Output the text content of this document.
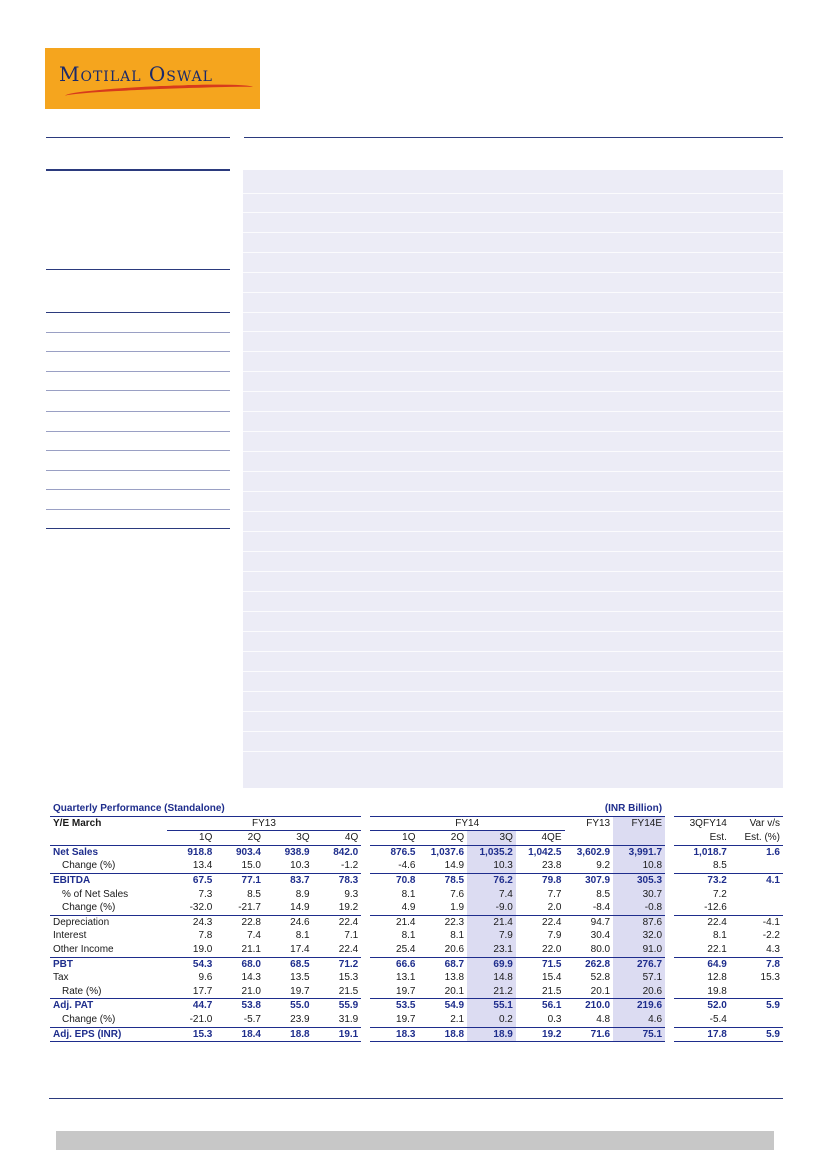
Motilal Oswal
Quarterly Performance (Standalone)									(INR Billion)					
Y/E March	FY13					FY14				FY13	FY14E		3QFY14	Var v/s
	1Q	2Q	3Q	4Q		1Q	2Q	3Q	4QE				Est.	Est. (%)
Net Sales	918.8	903.4	938.9	842.0		876.5	1,037.6	1,035.2	1,042.5	3,602.9	3,991.7		1,018.7	1.6
Change (%)	13.4	15.0	10.3	-1.2		-4.6	14.9	10.3	23.8	9.2	10.8		8.5	
EBITDA	67.5	77.1	83.7	78.3		70.8	78.5	76.2	79.8	307.9	305.3		73.2	4.1
% of Net Sales	7.3	8.5	8.9	9.3		8.1	7.6	7.4	7.7	8.5	30.7		7.2	
Change (%)	-32.0	-21.7	14.9	19.2		4.9	1.9	-9.0	2.0	-8.4	-0.8		-12.6	
Depreciation	24.3	22.8	24.6	22.4		21.4	22.3	21.4	22.4	94.7	87.6		22.4	-4.1
Interest	7.8	7.4	8.1	7.1		8.1	8.1	7.9	7.9	30.4	32.0		8.1	-2.2
Other Income	19.0	21.1	17.4	22.4		25.4	20.6	23.1	22.0	80.0	91.0		22.1	4.3
PBT	54.3	68.0	68.5	71.2		66.6	68.7	69.9	71.5	262.8	276.7		64.9	7.8
Tax	9.6	14.3	13.5	15.3		13.1	13.8	14.8	15.4	52.8	57.1		12.8	15.3
Rate (%)	17.7	21.0	19.7	21.5		19.7	20.1	21.2	21.5	20.1	20.6		19.8	
Adj. PAT	44.7	53.8	55.0	55.9		53.5	54.9	55.1	56.1	210.0	219.6		52.0	5.9
Change (%)	-21.0	-5.7	23.9	31.9		19.7	2.1	0.2	0.3	4.8	4.6		-5.4	
Adj. EPS (INR)	15.3	18.4	18.8	19.1		18.3	18.8	18.9	19.2	71.6	75.1		17.8	5.9
